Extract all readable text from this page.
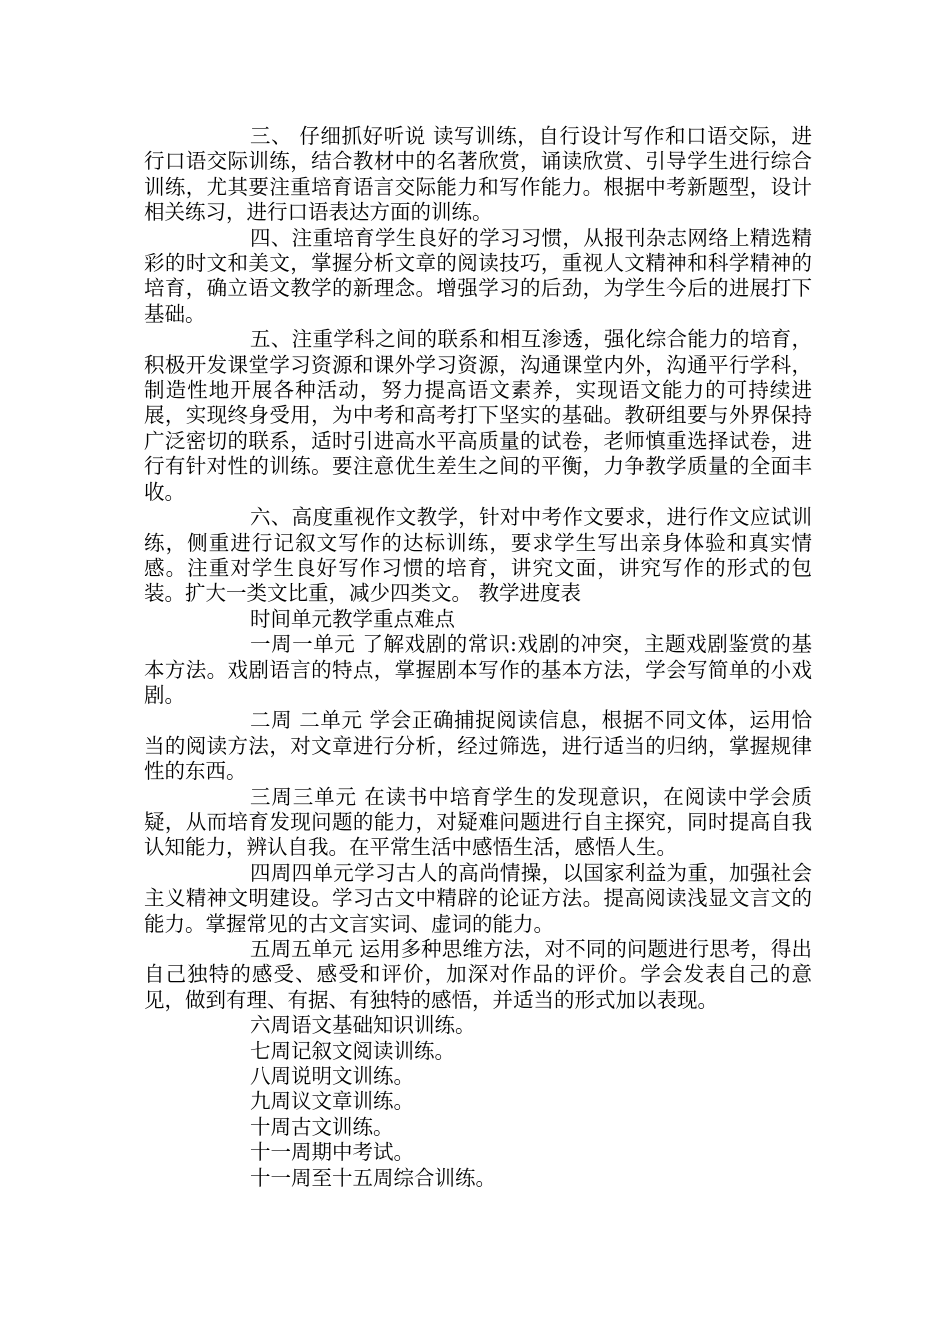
三、 仔细抓好听说 读写训练，自行设计写作和口语交际，进行口语交际训练，结合教材中的名著欣赏，诵读欣赏、引导学生进行综合训练，尤其要注重培育语言交际能力和写作能力。根据中考新题型，设计相关练习，进行口语表达方面的训练。

四、注重培育学生良好的学习习惯，从报刊杂志网络上精选精彩的时文和美文，掌握分析文章的阅读技巧，重视人文精神和科学精神的培育，确立语文教学的新理念。增强学习的后劲，为学生今后的进展打下基础。

五、注重学科之间的联系和相互渗透，强化综合能力的培育，积极开发课堂学习资源和课外学习资源，沟通课堂内外，沟通平行学科，制造性地开展各种活动，努力提高语文素养，实现语文能力的可持续进展，实现终身受用，为中考和高考打下坚实的基础。教研组要与外界保持广泛密切的联系，适时引进高水平高质量的试卷，老师慎重选择试卷，进行有针对性的训练。要注意优生差生之间的平衡，力争教学质量的全面丰收。

六、高度重视作文教学，针对中考作文要求，进行作文应试训练，侧重进行记叙文写作的达标训练，要求学生写出亲身体验和真实情感。注重对学生良好写作习惯的培育，讲究文面，讲究写作的形式的包装。扩大一类文比重，减少四类文。 教学进度表

时间单元教学重点难点

一周一单元 了解戏剧的常识:戏剧的冲突，主题戏剧鉴赏的基本方法。戏剧语言的特点，掌握剧本写作的基本方法，学会写简单的小戏剧。

二周 二单元 学会正确捕捉阅读信息，根据不同文体，运用恰当的阅读方法，对文章进行分析，经过筛选，进行适当的归纳，掌握规律性的东西。

三周三单元 在读书中培育学生的发现意识，在阅读中学会质疑，从而培育发现问题的能力，对疑难问题进行自主探究，同时提高自我认知能力，辨认自我。在平常生活中感悟生活，感悟人生。

四周四单元学习古人的高尚情操，以国家利益为重，加强社会主义精神文明建设。学习古文中精辟的论证方法。提高阅读浅显文言文的能力。掌握常见的古文言实词、虚词的能力。

五周五单元 运用多种思维方法，对不同的问题进行思考，得出自己独特的感受、感受和评价，加深对作品的评价。学会发表自己的意见，做到有理、有据、有独特的感悟，并适当的形式加以表现。

六周语文基础知识训练。

七周记叙文阅读训练。

八周说明文训练。

九周议文章训练。

十周古文训练。

十一周期中考试。

十一周至十五周综合训练。
